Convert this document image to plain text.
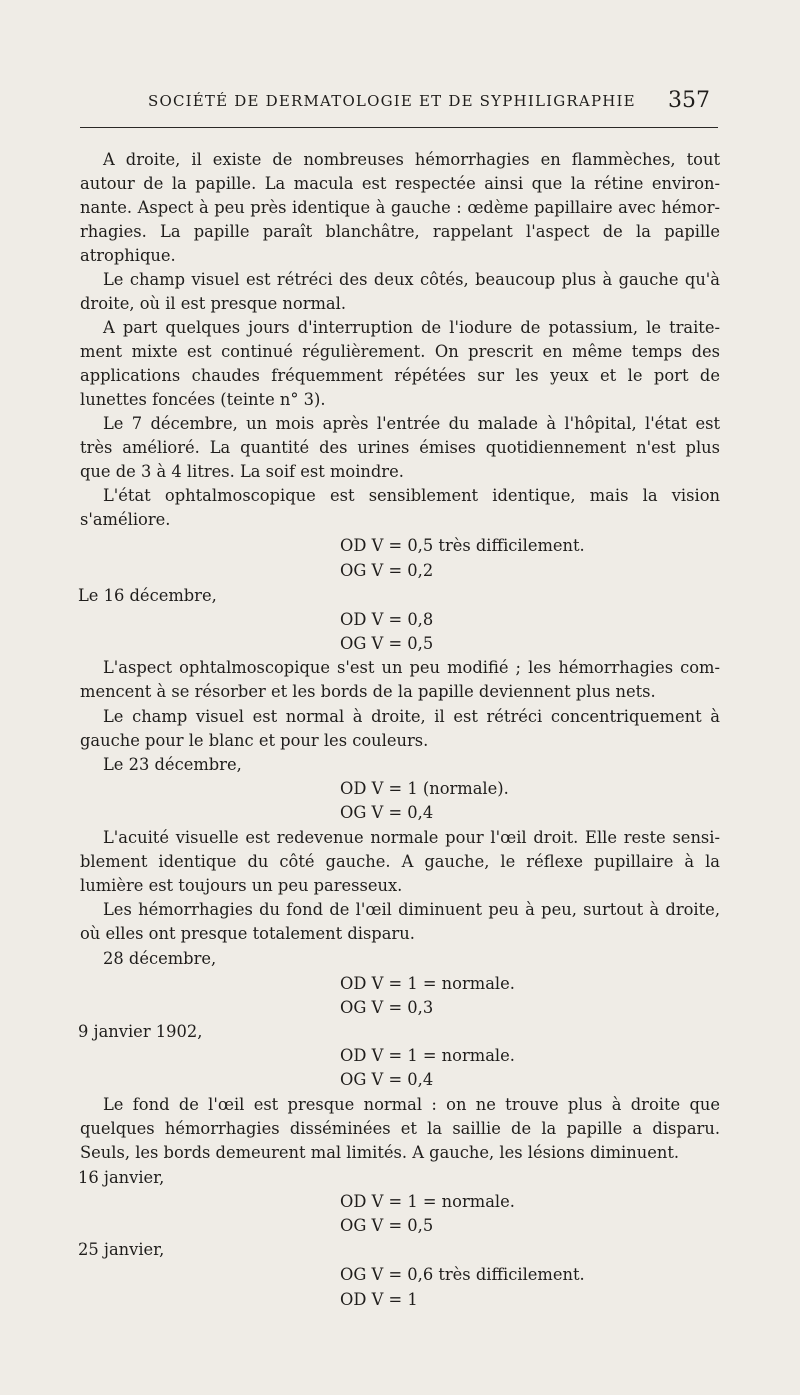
SOCIÉTÉ DE DERMATOLOGIE ET DE SYPHILIGRAPHIE 357
A droite, il existe de nombreuses hémorrhagies en flammèches, tout
autour de la papille. La macula est respectée ainsi que la rétine environ-
nante. Aspect à peu près identique à gauche : œdème papillaire avec hémor-
rhagies. La papille paraît blanchâtre, rappelant l'aspect de la papille
atrophique.
Le champ visuel est rétréci des deux côtés, beaucoup plus à gauche qu'à
droite, où il est presque normal.
A part quelques jours d'interruption de l'iodure de potassium, le traite-
ment mixte est continué régulièrement. On prescrit en même temps des
applications chaudes fréquemment répétées sur les yeux et le port de
lunettes foncées (teinte n° 3).
Le 7 décembre, un mois après l'entrée du malade à l'hôpital, l'état est
très amélioré. La quantité des urines émises quotidiennement n'est plus
que de 3 à 4 litres. La soif est moindre.
L'état ophtalmoscopique est sensiblement identique, mais la vision
s'améliore.
OD V = 0,5 très difficilement.
OG V = 0,2
Le 16 décembre,
OD V = 0,8
OG V = 0,5
L'aspect ophtalmoscopique s'est un peu modifié ; les hémorrhagies com-
mencent à se résorber et les bords de la papille deviennent plus nets.
Le champ visuel est normal à droite, il est rétréci concentriquement à
gauche pour le blanc et pour les couleurs.
Le 23 décembre,
OD V = 1 (normale).
OG V = 0,4
L'acuité visuelle est redevenue normale pour l'œil droit. Elle reste sensi-
blement identique du côté gauche. A gauche, le réflexe pupillaire à la
lumière est toujours un peu paresseux.
Les hémorrhagies du fond de l'œil diminuent peu à peu, surtout à droite,
où elles ont presque totalement disparu.
28 décembre,
OD V = 1 = normale.
OG V = 0,3
9 janvier 1902,
OD V = 1 = normale.
OG V = 0,4
Le fond de l'œil est presque normal : on ne trouve plus à droite que
quelques hémorrhagies disséminées et la saillie de la papille a disparu.
Seuls, les bords demeurent mal limités. A gauche, les lésions diminuent.
16 janvier,
OD V = 1 = normale.
OG V = 0,5
25 janvier,
OG V = 0,6 très difficilement.
OD V = 1
